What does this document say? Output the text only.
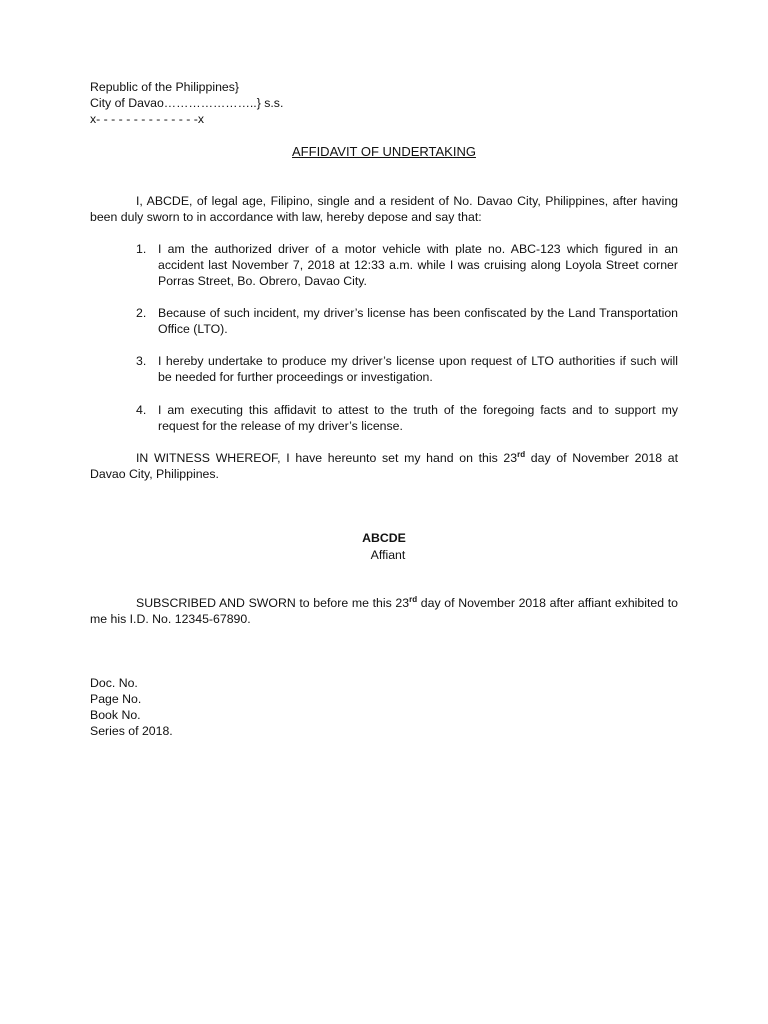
Republic of the Philippines}
City of Davao…………………..} s.s.
x- - - - - - - - - - - - - -x
AFFIDAVIT OF UNDERTAKING
I, ABCDE, of legal age, Filipino, single and a resident of No. Davao City, Philippines, after having been duly sworn to in accordance with law, hereby depose and say that:
1. I am the authorized driver of a motor vehicle with plate no. ABC-123 which figured in an accident last November 7, 2018 at 12:33 a.m. while I was cruising along Loyola Street corner Porras Street, Bo. Obrero, Davao City.
2. Because of such incident, my driver’s license has been confiscated by the Land Transportation Office (LTO).
3. I hereby undertake to produce my driver’s license upon request of LTO authorities if such will be needed for further proceedings or investigation.
4. I am executing this affidavit to attest to the truth of the foregoing facts and to support my request for the release of my driver’s license.
IN WITNESS WHEREOF, I have hereunto set my hand on this 23rd day of November 2018 at Davao City, Philippines.
ABCDE
Affiant
SUBSCRIBED AND SWORN to before me this 23rd day of November 2018 after affiant exhibited to me his I.D. No. 12345-67890.
Doc. No.
Page No.
Book No.
Series of 2018.
